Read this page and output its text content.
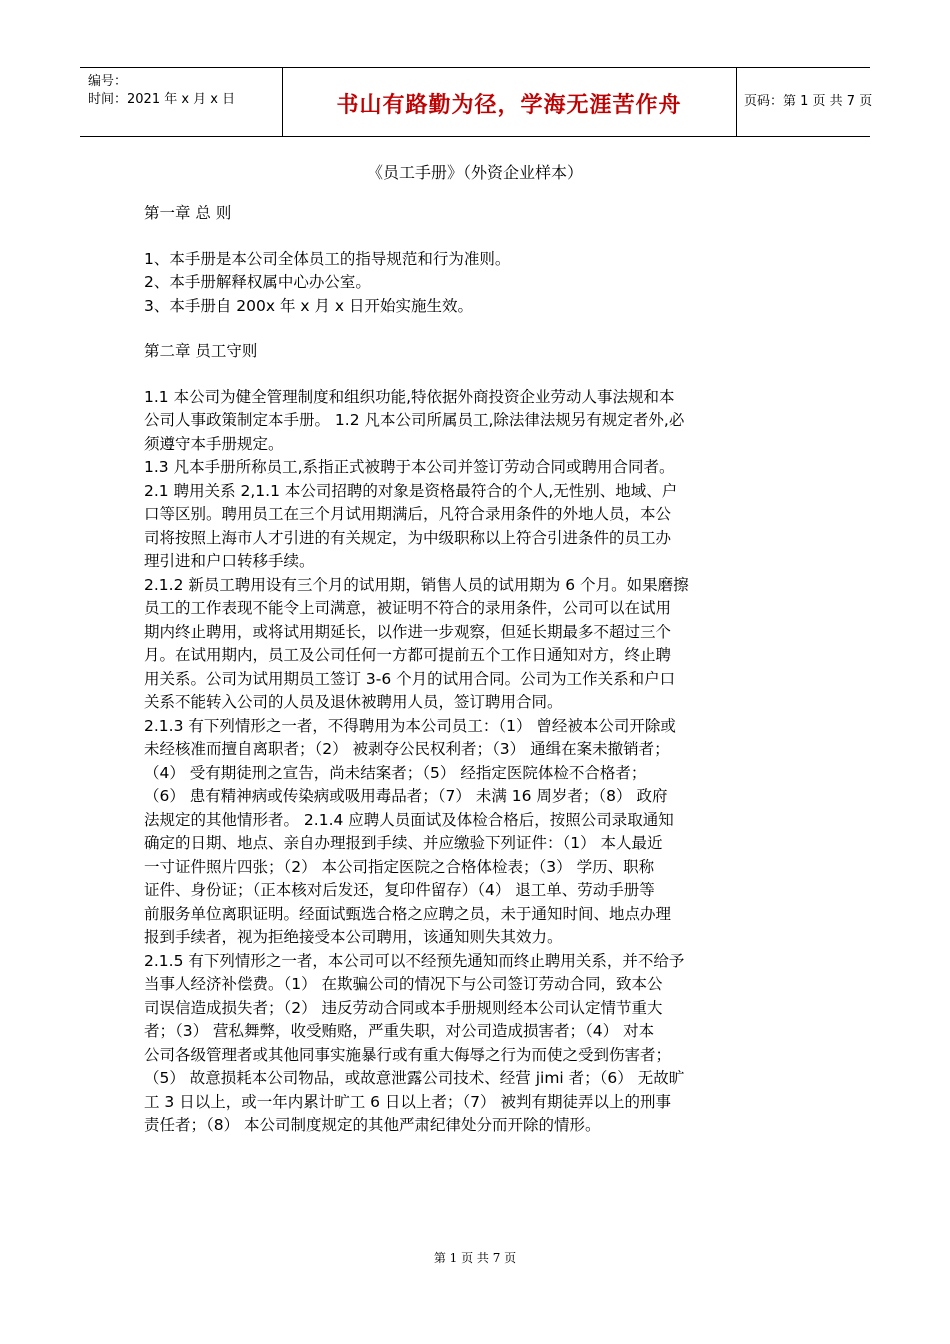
编号：
时间：2021 年 x 月 x 日	书山有路勤为径，学海无涯苦作舟	页码：第 1 页 共 7 页
《员工手册》（外资企业样本）

第一章 总 则

1、本手册是本公司全体员工的指导规范和行为准则。

2、本手册解释权属中心办公室。

3、本手册自 200x 年 x 月 x 日开始实施生效。

第二章 员工守则

1.1 本公司为健全管理制度和组织功能,特依据外商投资企业劳动人事法规和本

公司人事政策制定本手册。 1.2 凡本公司所属员工,除法律法规另有规定者外,必

须遵守本手册规定。

1.3 凡本手册所称员工,系指正式被聘于本公司并签订劳动合同或聘用合同者。

2.1 聘用关系 2,1.1 本公司招聘的对象是资格最符合的个人,无性别、地域、户

口等区别。聘用员工在三个月试用期满后，凡符合录用条件的外地人员，本公

司将按照上海市人才引进的有关规定，为中级职称以上符合引进条件的员工办

理引进和户口转移手续。

2.1.2 新员工聘用设有三个月的试用期，销售人员的试用期为 6 个月。如果磨擦

员工的工作表现不能令上司满意，被证明不符合的录用条件，公司可以在试用

期内终止聘用，或将试用期延长，以作进一步观察，但延长期最多不超过三个

月。在试用期内，员工及公司任何一方都可提前五个工作日通知对方，终止聘

用关系。公司为试用期员工签订 3-6 个月的试用合同。公司为工作关系和户口

关系不能转入公司的人员及退休被聘用人员，签订聘用合同。

2.1.3 有下列情形之一者，不得聘用为本公司员工：（1） 曾经被本公司开除或

未经核准而擅自离职者；（2） 被剥夺公民权利者；（3） 通缉在案未撤销者；

（4） 受有期徒刑之宣告，尚未结案者；（5） 经指定医院体检不合格者；

（6） 患有精神病或传染病或吸用毒品者；（7） 未满 16 周岁者；（8） 政府

法规定的其他情形者。 2.1.4 应聘人员面试及体检合格后，按照公司录取通知

确定的日期、地点、亲自办理报到手续、并应缴验下列证件：（1） 本人最近

一寸证件照片四张；（2） 本公司指定医院之合格体检表；（3） 学历、职称

证件、身份证；（正本核对后发还，复印件留存）（4） 退工单、劳动手册等

前服务单位离职证明。经面试甄选合格之应聘之员，未于通知时间、地点办理

报到手续者，视为拒绝接受本公司聘用，该通知则失其效力。

2.1.5 有下列情形之一者，本公司可以不经预先通知而终止聘用关系，并不给予

当事人经济补偿费。（1） 在欺骗公司的情况下与公司签订劳动合同，致本公

司误信造成损失者；（2） 违反劳动合同或本手册规则经本公司认定情节重大

者；（3） 营私舞弊，收受贿赂，严重失职，对公司造成损害者；（4） 对本

公司各级管理者或其他同事实施暴行或有重大侮辱之行为而使之受到伤害者；

（5） 故意损耗本公司物品，或故意泄露公司技术、经营 jimi 者；（6） 无故旷

工 3 日以上，或一年内累计旷工 6 日以上者；（7） 被判有期徒弄以上的刑事

责任者；（8） 本公司制度规定的其他严肃纪律处分而开除的情形。

第 1 页 共 7 页
